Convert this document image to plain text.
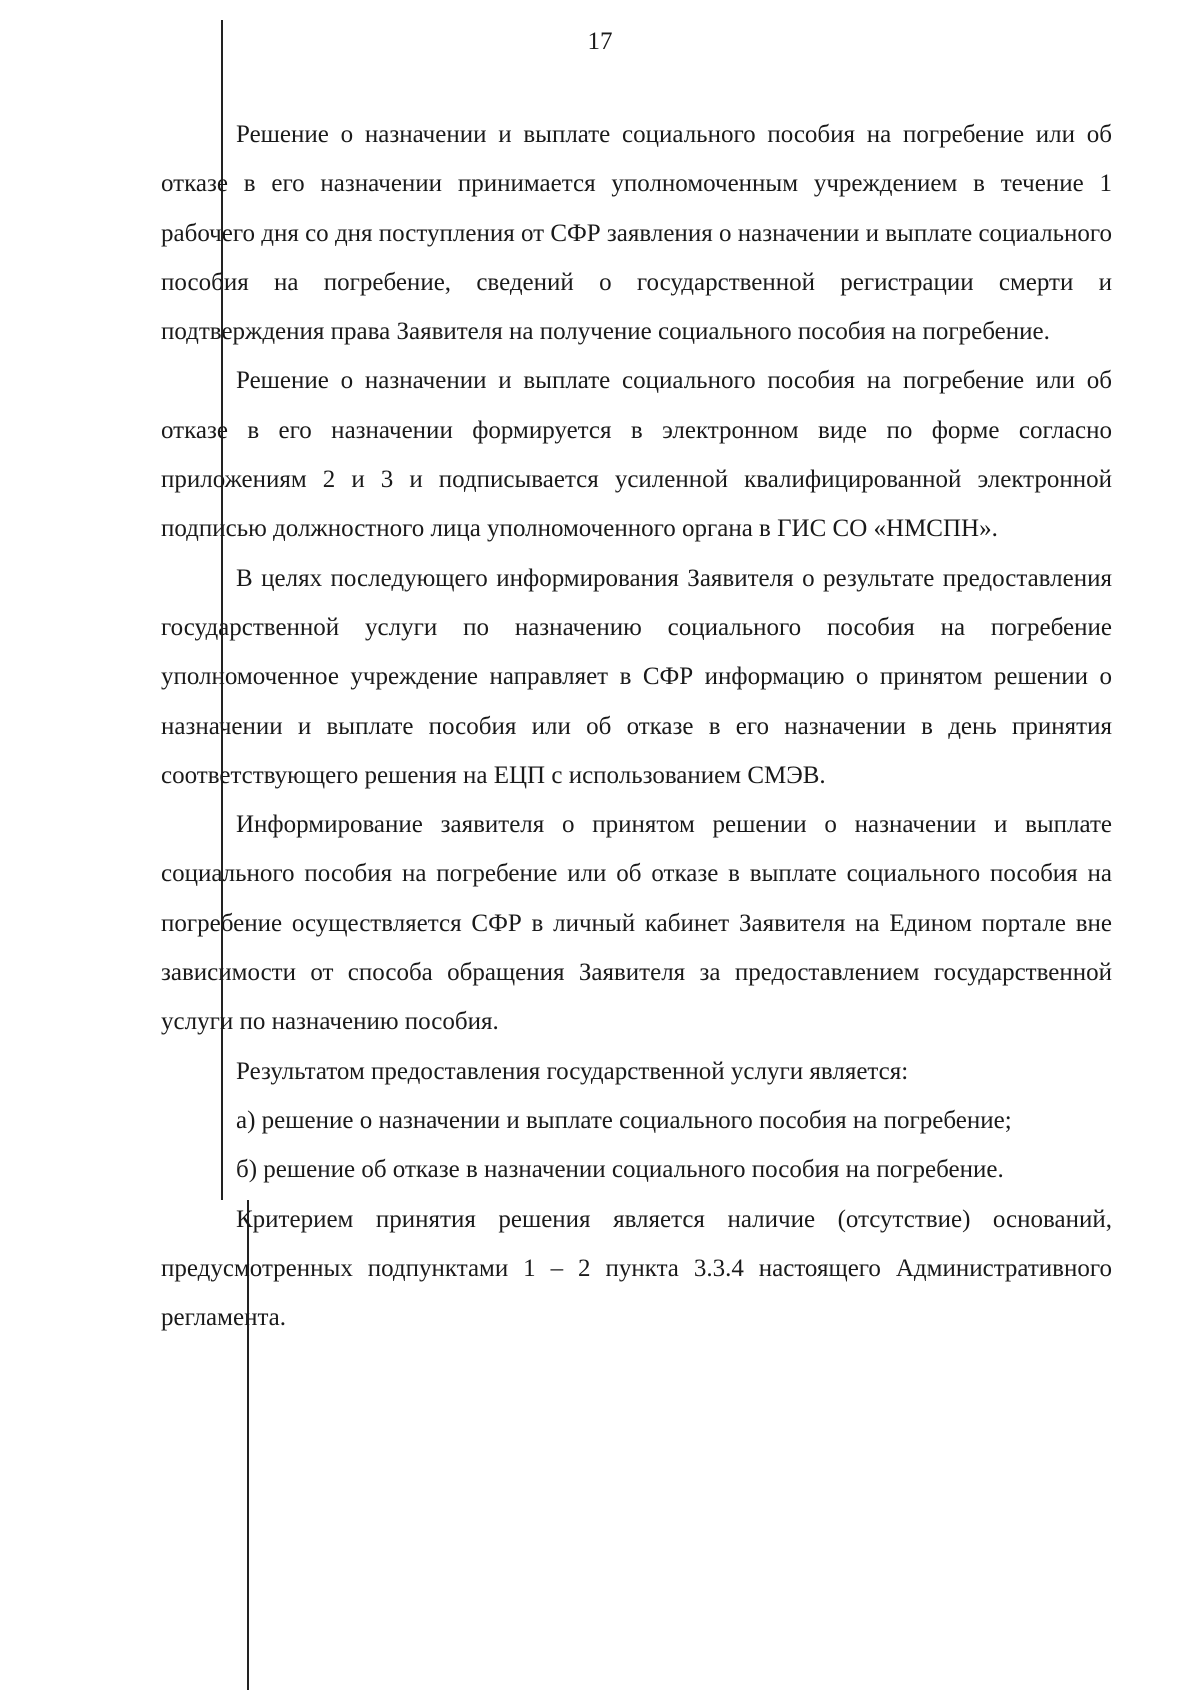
17

Решение о назначении и выплате социального пособия на погребение или об отказе в его назначении принимается уполномоченным учреждением в течение 1 рабочего дня со дня поступления от СФР заявления о назначении и выплате социального пособия на погребение, сведений о государственной регистрации смерти и подтверждения права Заявителя на получение социального пособия на погребение.

Решение о назначении и выплате социального пособия на погребение или об отказе в его назначении формируется в электронном виде по форме согласно приложениям 2 и 3 и подписывается усиленной квалифицированной электронной подписью должностного лица уполномоченного органа в ГИС СО «НМСПН».

В целях последующего информирования Заявителя о результате предоставления государственной услуги по назначению социального пособия на погребение уполномоченное учреждение направляет в СФР информацию о принятом решении о назначении и выплате пособия или об отказе в его назначении в день принятия соответствующего решения на ЕЦП с использованием СМЭВ.

Информирование заявителя о принятом решении о назначении и выплате социального пособия на погребение или об отказе в выплате социального пособия на погребение осуществляется СФР в личный кабинет Заявителя на Едином портале вне зависимости от способа обращения Заявителя за предоставлением государственной услуги по назначению пособия.

Результатом предоставления государственной услуги является:

а) решение о назначении и выплате социального пособия на погребение;

б) решение об отказе в назначении социального пособия на погребение.

Критерием принятия решения является наличие (отсутствие) оснований, предусмотренных подпунктами 1 – 2 пункта 3.3.4 настоящего Административного регламента.
